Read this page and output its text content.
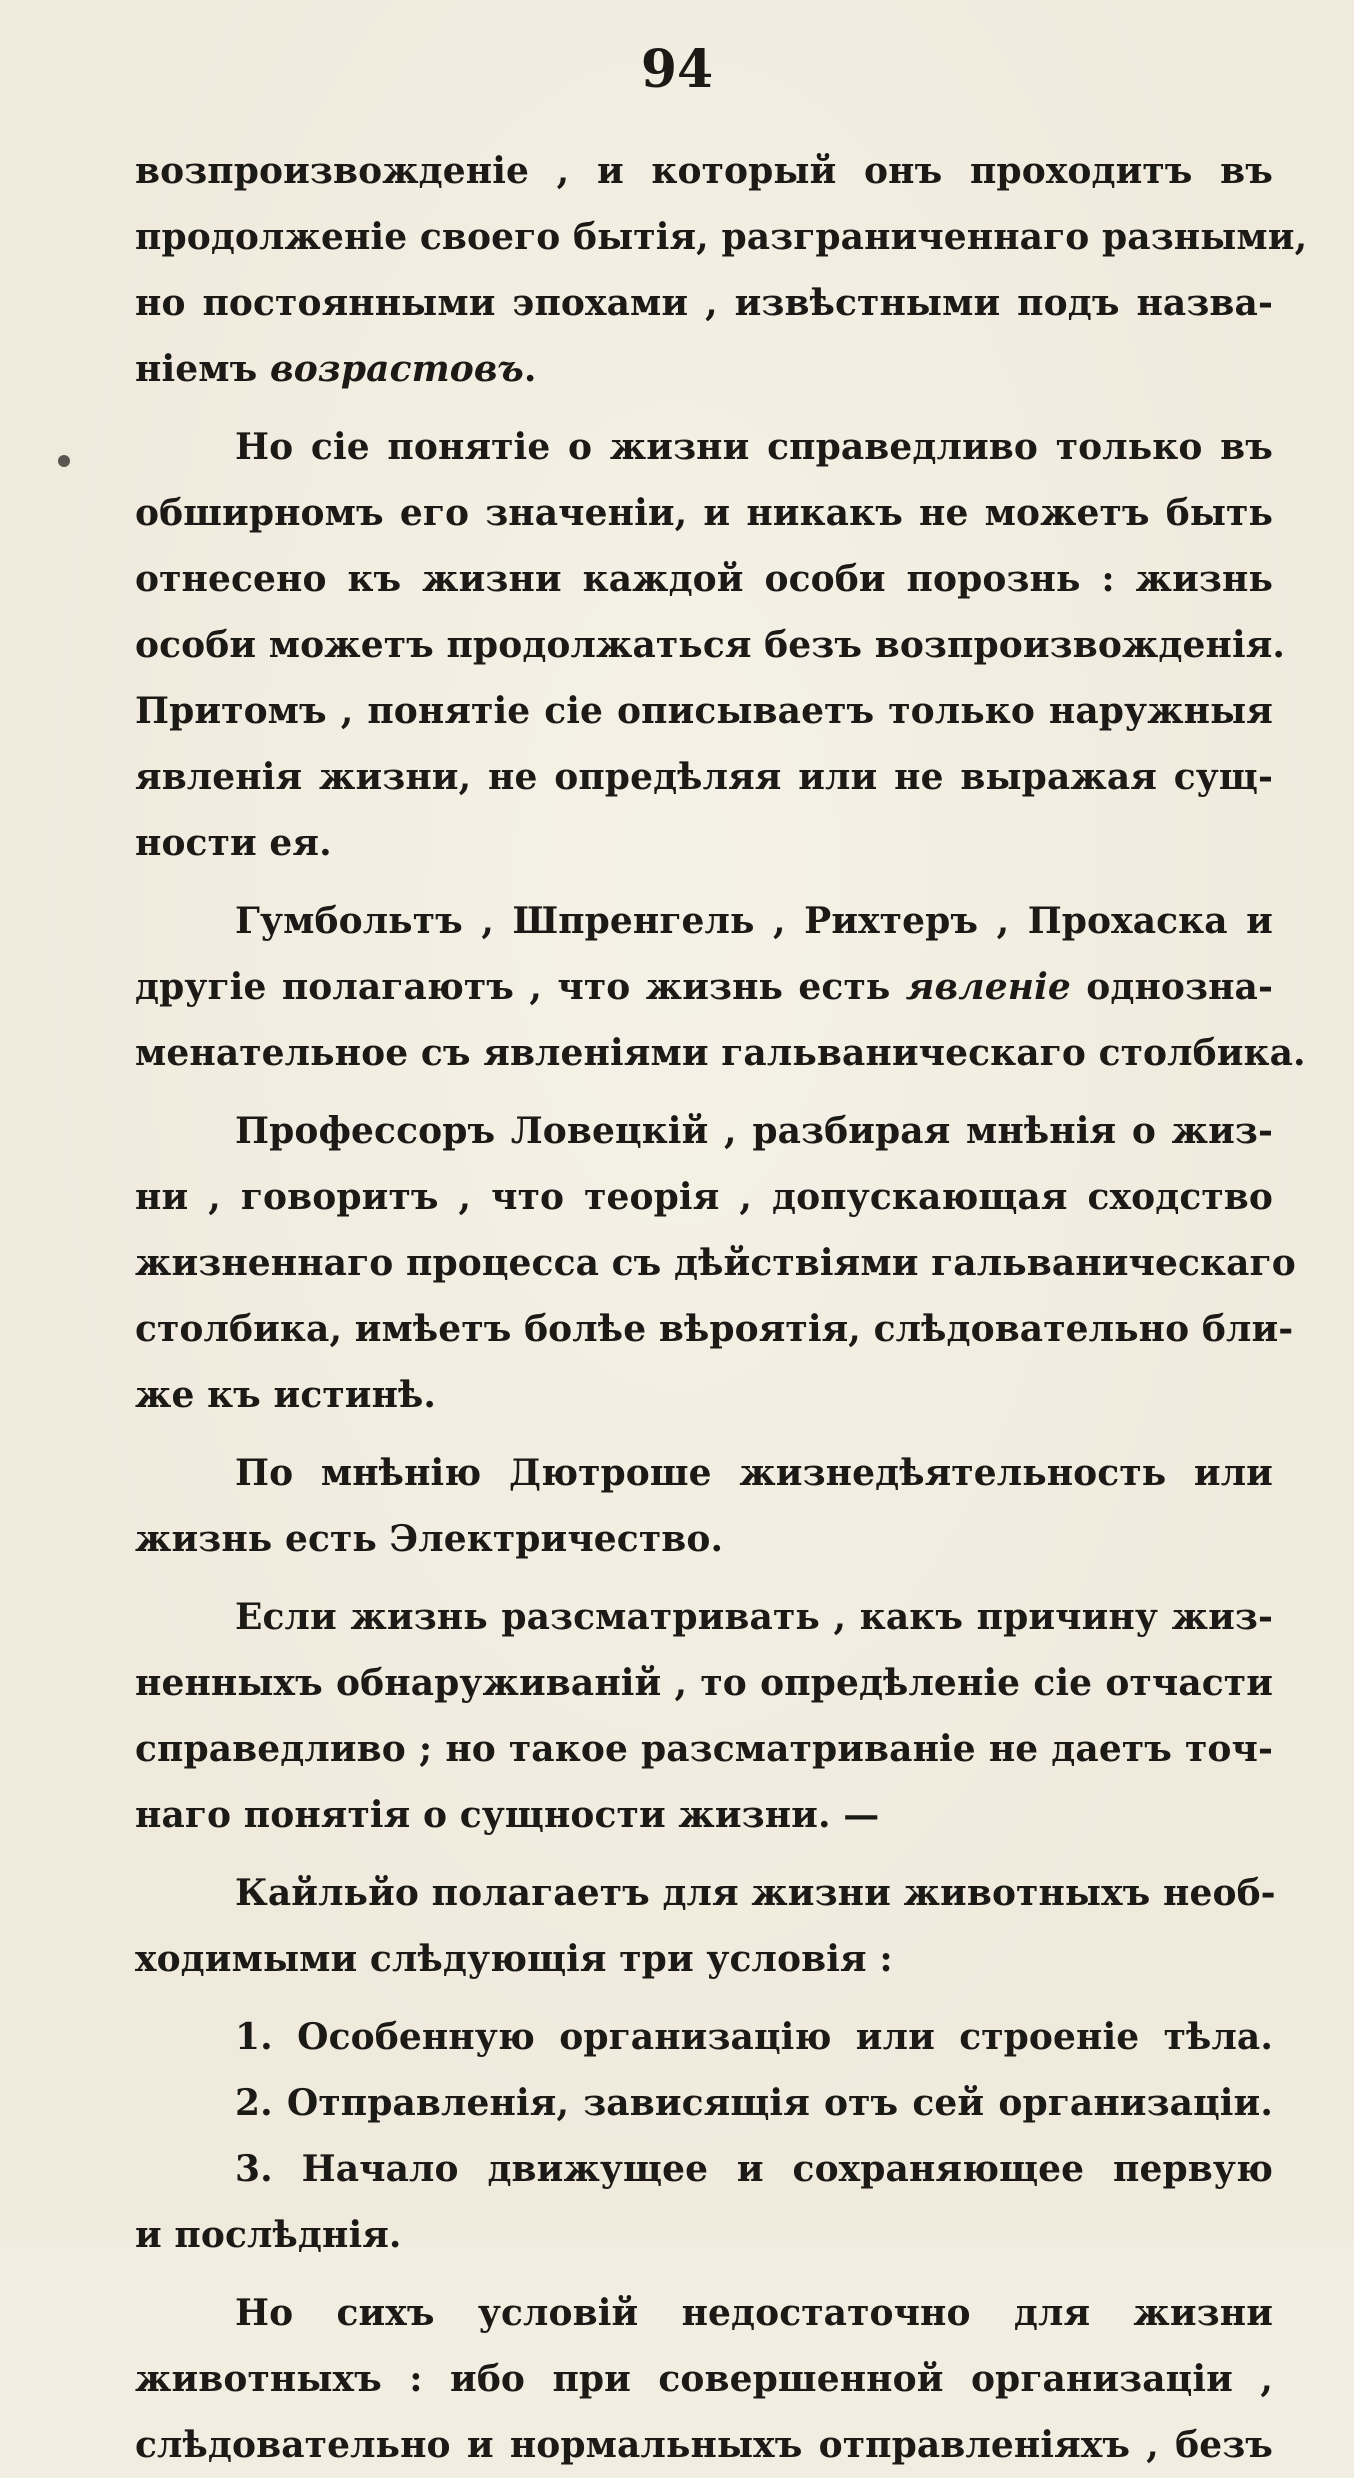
94
возпроизвожденіе , и который онъ проходитъ въ
продолженіе своего бытія, разграниченнаго разными,
но постоянными эпохами , извѣстными подъ назва-
ніемъ возрастовъ.
Но сіе понятіе о жизни справедливо только въ
обширномъ его значеніи, и никакъ не можетъ быть
отнесено къ жизни каждой особи порознь : жизнь
особи можетъ продолжаться безъ возпроизвожденія.
Притомъ , понятіе сіе описываетъ только наружныя
явленія жизни, не опредѣляя или не выражая сущ-
ности ея.
Гумбольтъ , Шпренгель , Рихтеръ , Прохаска и
другіе полагаютъ , что жизнь есть явленіе однозна-
менательное съ явленіями гальваническаго столбика.
Профессоръ Ловецкій , разбирая мнѣнія о жиз-
ни , говоритъ , что теорія , допускающая сходство
жизненнаго процесса съ дѣйствіями гальваническаго
столбика, имѣетъ болѣе вѣроятія, слѣдовательно бли-
же къ истинѣ.
По мнѣнію Дютроше жизнедѣятельность или
жизнь есть Электричество.
Если жизнь разсматривать , какъ причину жиз-
ненныхъ обнаруживаній , то опредѣленіе сіе отчасти
справедливо ; но такое разсматриваніе не даетъ точ-
наго понятія о сущности жизни. —
Кайльйо полагаетъ для жизни животныхъ необ-
ходимыми слѣдующія три условія :
1. Особенную организацію или строеніе тѣла.
2. Отправленія, зависящія отъ сей организаціи.
3. Начало движущее и сохраняющее первую
и послѣднія.
Но сихъ условій недостаточно для жизни
животныхъ : ибо при совершенной организаціи ,
слѣдовательно и нормальныхъ отправленіяхъ , безъ
